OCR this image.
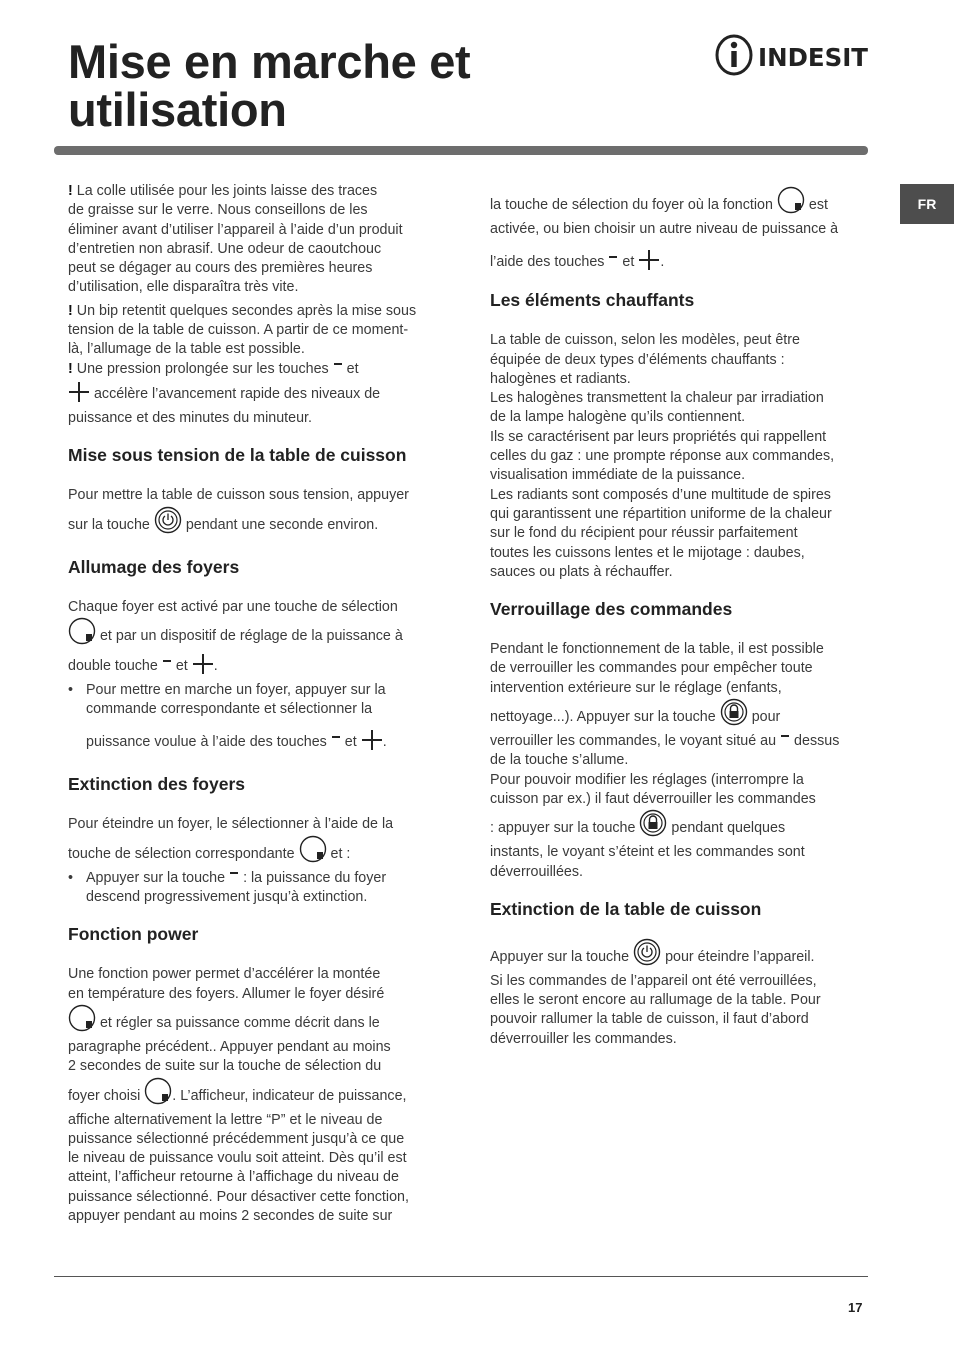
Mise en marche et
utilisation
INDESIT
FR

! La colle utilisée pour les joints laisse des traces
de graisse sur le verre. Nous conseillons de les
éliminer avant d’utiliser l’appareil à l’aide d’un produit
d’entretien non abrasif. Une odeur de caoutchouc
peut se dégager au cours des premières heures
d’utilisation, elle disparaîtra très vite.

! Un bip retentit quelques secondes après la mise sous
tension de la table de cuisson. A partir de ce moment-
là, l’allumage de la table est possible.

! Une pression prolongée sur les touches et

accélère l’avancement rapide des niveaux de

puissance et des minutes du minuteur.

Mise sous tension de la table de cuisson

Pour mettre la table de cuisson sous tension, appuyer

sur la touche	pendant une seconde environ.

Allumage des foyers

Chaque foyer est activé par une touche de sélection

et par un dispositif de réglage de la puissance à

double touche et .

• Pour mettre en marche un foyer, appuyer sur la
commande correspondante et sélectionner la
puissance voulue à l’aide des touches et .
Extinction des foyers

Pour éteindre un foyer, le sélectionner à l’aide de la

touche de sélection correspondante	et :

• Appuyer sur la touche : la puissance du foyer
descend progressivement jusqu’à extinction.
Fonction power

Une fonction power permet d’accélérer la montée
en température des foyers. Allumer le foyer désiré

et régler sa puissance comme décrit dans le

paragraphe précédent.. Appuyer pendant au moins
2 secondes de suite sur la touche de sélection du

foyer choisi . L’afficheur, indicateur de puissance,

affiche alternativement la lettre “P” et le niveau de
puissance sélectionné précédemment jusqu’à ce que
le niveau de puissance voulu soit atteint. Dès qu’il est
atteint, l’afficheur retourne à l’affichage du niveau de
puissance sélectionné. Pour désactiver cette fonction,
appuyer pendant au moins 2 secondes de suite sur

la touche de sélection du foyer où la fonction	est

activée, ou bien choisir un autre niveau de puissance à

l’aide des touches et .

Les éléments chauffants

La table de cuisson, selon les modèles, peut être
équipée de deux types d’éléments chauffants :
halogènes et radiants.
Les halogènes transmettent la chaleur par irradiation
de la lampe halogène qu’ils contiennent.
Ils se caractérisent par leurs propriétés qui rappellent
celles du gaz : une prompte réponse aux commandes,
visualisation immédiate de la puissance.
Les radiants sont composés d’une multitude de spires
qui garantissent une répartition uniforme de la chaleur
sur le fond du récipient pour réussir parfaitement
toutes les cuissons lentes et le mijotage : daubes,
sauces ou plats à réchauffer.

Verrouillage des commandes

Pendant le fonctionnement de la table, il est possible
de verrouiller les commandes pour empêcher toute
intervention extérieure sur le réglage (enfants,

nettoyage...). Appuyer sur la touche	pour

verrouiller les commandes, le voyant situé au dessus
de la touche s’allume.
Pour pouvoir modifier les réglages (interrompre la
cuisson par ex.) il faut déverrouiller les commandes

: appuyer sur la touche	pendant quelques

instants, le voyant s’éteint et les commandes sont
déverrouillées.

Extinction de la table de cuisson

Appuyer sur la touche	pour éteindre l’appareil.

Si les commandes de l’appareil ont été verrouillées,
elles le seront encore au rallumage de la table. Pour
pouvoir rallumer la table de cuisson, il faut d’abord
déverrouiller les commandes.

17
